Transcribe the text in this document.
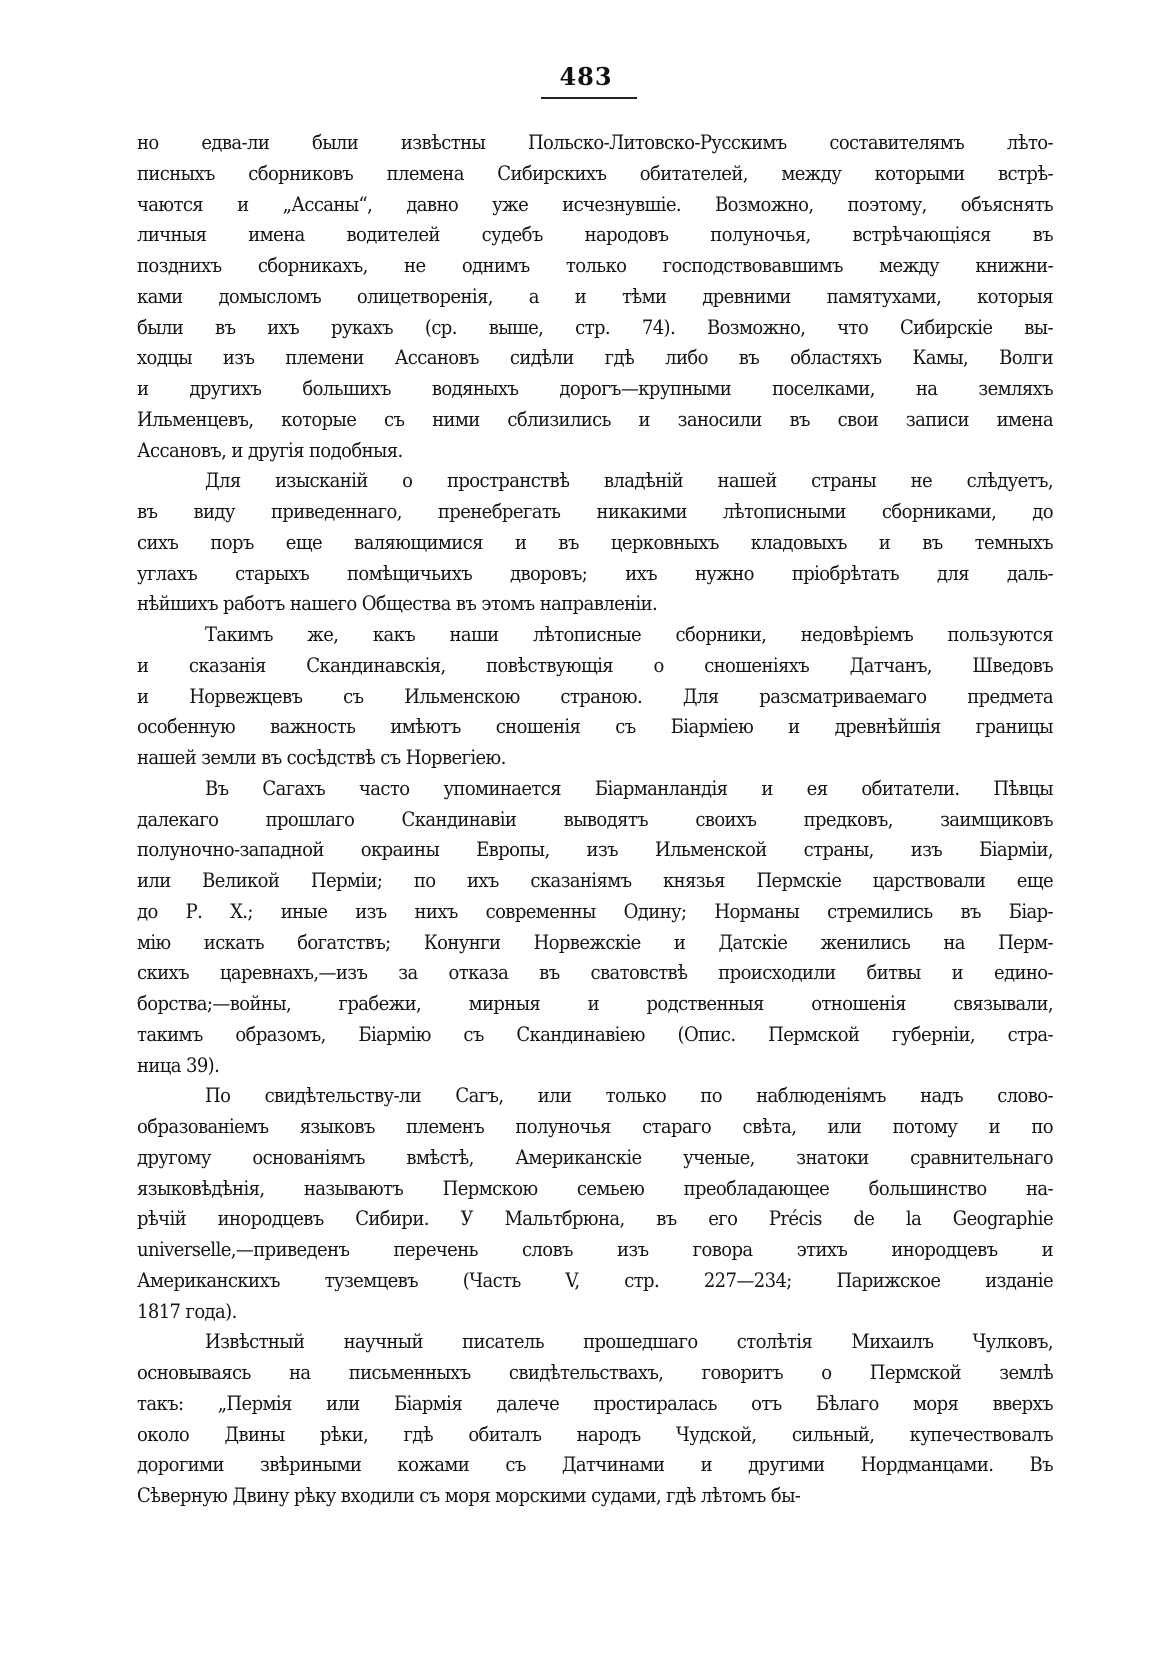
483
но едва-ли были извѣстны Польско-Литовско-Русскимъ составителямъ лѣто-
писныхъ сборниковъ племена Сибирскихъ обитателей, между которыми встрѣ-
чаются и „Ассаны“, давно уже исчезнувшіе. Возможно, поэтому, объяснять
личныя имена водителей судебъ народовъ полуночья, встрѣчающіяся въ
позднихъ сборникахъ, не однимъ только господствовавшимъ между книжни-
ками домысломъ олицетворенія, а и тѣми древними памятухами, которыя
были въ ихъ рукахъ (ср. выше, стр. 74). Возможно, что Сибирскіе вы-
ходцы изъ племени Ассановъ сидѣли гдѣ либо въ областяхъ Камы, Волги
и другихъ большихъ водяныхъ дорогъ—крупными поселками, на земляхъ
Ильменцевъ, которые съ ними сблизились и заносили въ свои записи имена
Ассановъ, и другія подобныя.
Для изысканій о пространствѣ владѣній нашей страны не слѣдуетъ,
въ виду приведеннаго, пренебрегать никакими лѣтописными сборниками, до
сихъ поръ еще валяющимися и въ церковныхъ кладовыхъ и въ темныхъ
углахъ старыхъ помѣщичьихъ дворовъ; ихъ нужно пріобрѣтать для даль-
нѣйшихъ работъ нашего Общества въ этомъ направленіи.
Такимъ же, какъ наши лѣтописные сборники, недовѣріемъ пользуются
и сказанія Скандинавскія, повѣствующія о сношеніяхъ Датчанъ, Шведовъ
и Норвежцевъ съ Ильменскою страною. Для разсматриваемаго предмета
особенную важность имѣютъ сношенія съ Біарміею и древнѣйшія границы
нашей земли въ сосѣдствѣ съ Норвегіею.
Въ Сагахъ часто упоминается Біарманландія и ея обитатели. Пѣвцы
далекаго прошлаго Скандинавіи выводятъ своихъ предковъ, заимщиковъ
полуночно-западной окраины Европы, изъ Ильменской страны, изъ Біарміи,
или Великой Перміи; по ихъ сказаніямъ князья Пермскіе царствовали еще
до Р. Х.; иные изъ нихъ современны Одину; Норманы стремились въ Біар-
мію искать богатствъ; Конунги Норвежскіе и Датскіе женились на Перм-
скихъ царевнахъ,—изъ за отказа въ сватовствѣ происходили битвы и едино-
борства;—войны, грабежи, мирныя и родственныя отношенія связывали,
такимъ образомъ, Біармію съ Скандинавіею (Опис. Пермской губерніи, стра-
ница 39).
По свидѣтельству-ли Сагъ, или только по наблюденіямъ надъ слово-
образованіемъ языковъ племенъ полуночья стараго свѣта, или потому и по
другому основаніямъ вмѣстѣ, Американскіе ученые, знатоки сравнительнаго
языковѣдѣнія, называютъ Пермскою семьею преобладающее большинство на-
рѣчій инородцевъ Сибири. У Мальтбрюна, въ его Précis de la Geographie
universelle,—приведенъ перечень словъ изъ говора этихъ инородцевъ и
Американскихъ туземцевъ (Часть V, стр. 227—234; Парижское изданіе
1817 года).
Извѣстный научный писатель прошедшаго столѣтія Михаилъ Чулковъ,
основываясь на письменныхъ свидѣтельствахъ, говоритъ о Пермской землѣ
такъ: „Пермія или Біармія далече простиралась отъ Бѣлаго моря вверхъ
около Двины рѣки, гдѣ обиталъ народъ Чудской, сильный, купечествовалъ
дорогими звѣриными кожами съ Датчинами и другими Нордманцами. Въ
Сѣверную Двину рѣку входили съ моря морскими судами, гдѣ лѣтомъ бы-
